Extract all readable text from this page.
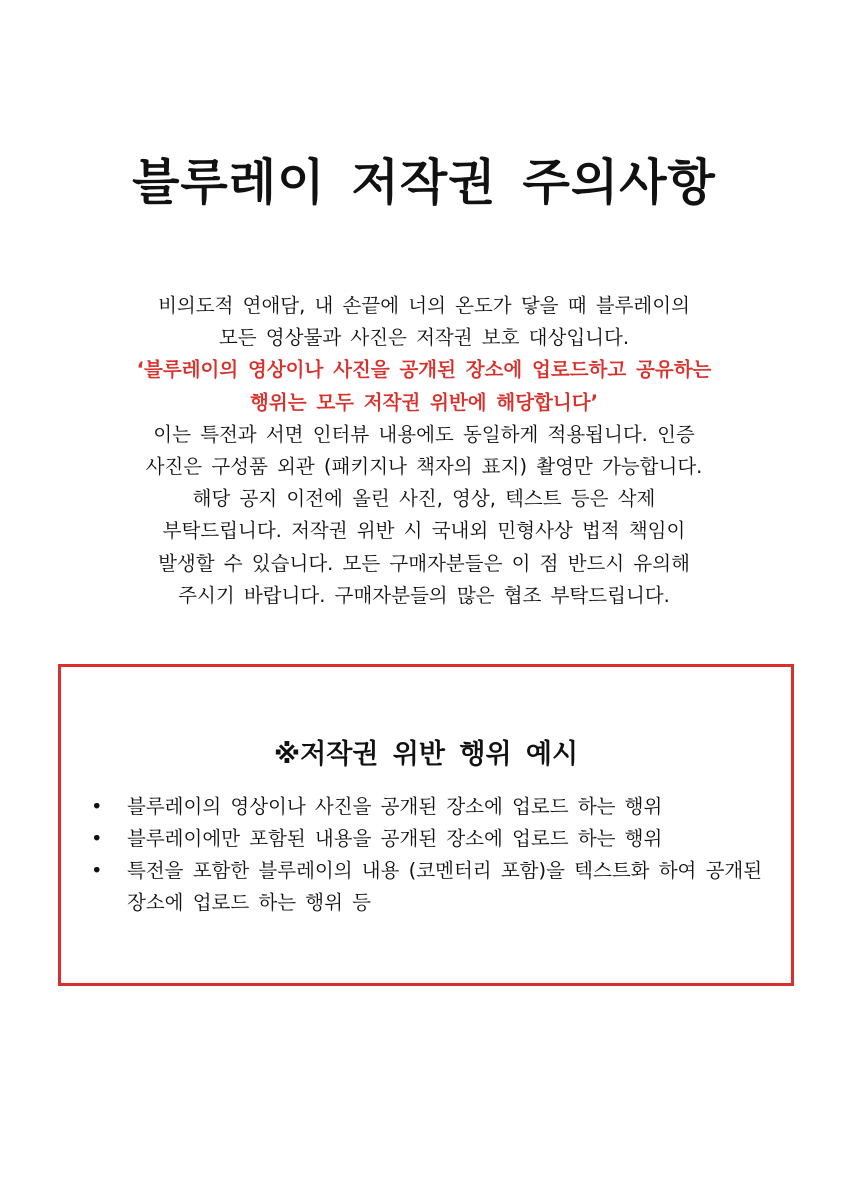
블루레이 저작권 주의사항
비의도적 연애담, 내 손끝에 너의 온도가 닿을 때 블루레이의
모든 영상물과 사진은 저작권 보호 대상입니다.
‘블루레이의 영상이나 사진을 공개된 장소에 업로드하고 공유하는
행위는 모두 저작권 위반에 해당합니다’
이는 특전과 서면 인터뷰 내용에도 동일하게 적용됩니다. 인증
사진은 구성품 외관 (패키지나 책자의 표지) 촬영만 가능합니다.
해당 공지 이전에 올린 사진, 영상, 텍스트 등은 삭제
부탁드립니다. 저작권 위반 시 국내외 민형사상 법적 책임이
발생할 수 있습니다. 모든 구매자분들은 이 점 반드시 유의해
주시기 바랍니다. 구매자분들의 많은 협조 부탁드립니다.
※저작권 위반 행위 예시
•	블루레이의 영상이나 사진을 공개된 장소에 업로드 하는 행위
•	블루레이에만 포함된 내용을 공개된 장소에 업로드 하는 행위
•	특전을 포함한 블루레이의 내용 (코멘터리 포함)을 텍스트화 하여 공개된 장소에 업로드 하는 행위 등
